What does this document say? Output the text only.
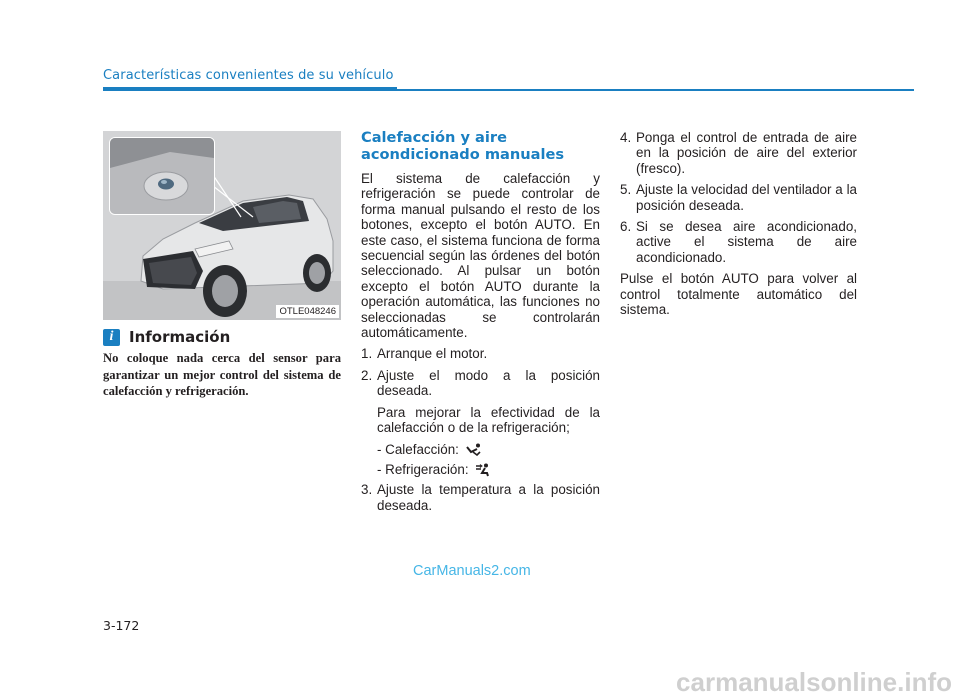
Características convenientes de su vehículo
OTLE048246
i	Información

No coloque nada cerca del sensor para garantizar un mejor control del sistema de calefacción y refrigeración.

Calefacción y aire acondicionado manuales

El sistema de calefacción y refrigeración se puede controlar de forma manual pulsando el resto de los botones, excepto el botón AUTO. En este caso, el sistema funciona de forma secuencial según las órdenes del botón seleccionado. Al pulsar un botón excepto el botón AUTO durante la operación automática, las funciones no seleccionadas se controlarán automáticamente.

1. Arranque el motor.
2. Ajuste el modo a la posición deseada.

Para mejorar la efectividad de la calefacción o de la refrigeración;

- Calefacción:
- Refrigeración:
3. Ajuste la temperatura a la posición deseada.
4. Ponga el control de entrada de aire en la posición de aire del exterior (fresco).
5. Ajuste la velocidad del ventilador a la posición deseada.
6. Si se desea aire acondicionado, active el sistema de aire acondicionado.

Pulse el botón AUTO para volver al control totalmente automático del sistema.

CarManuals2.com
3-172
carmanualsonline.info
